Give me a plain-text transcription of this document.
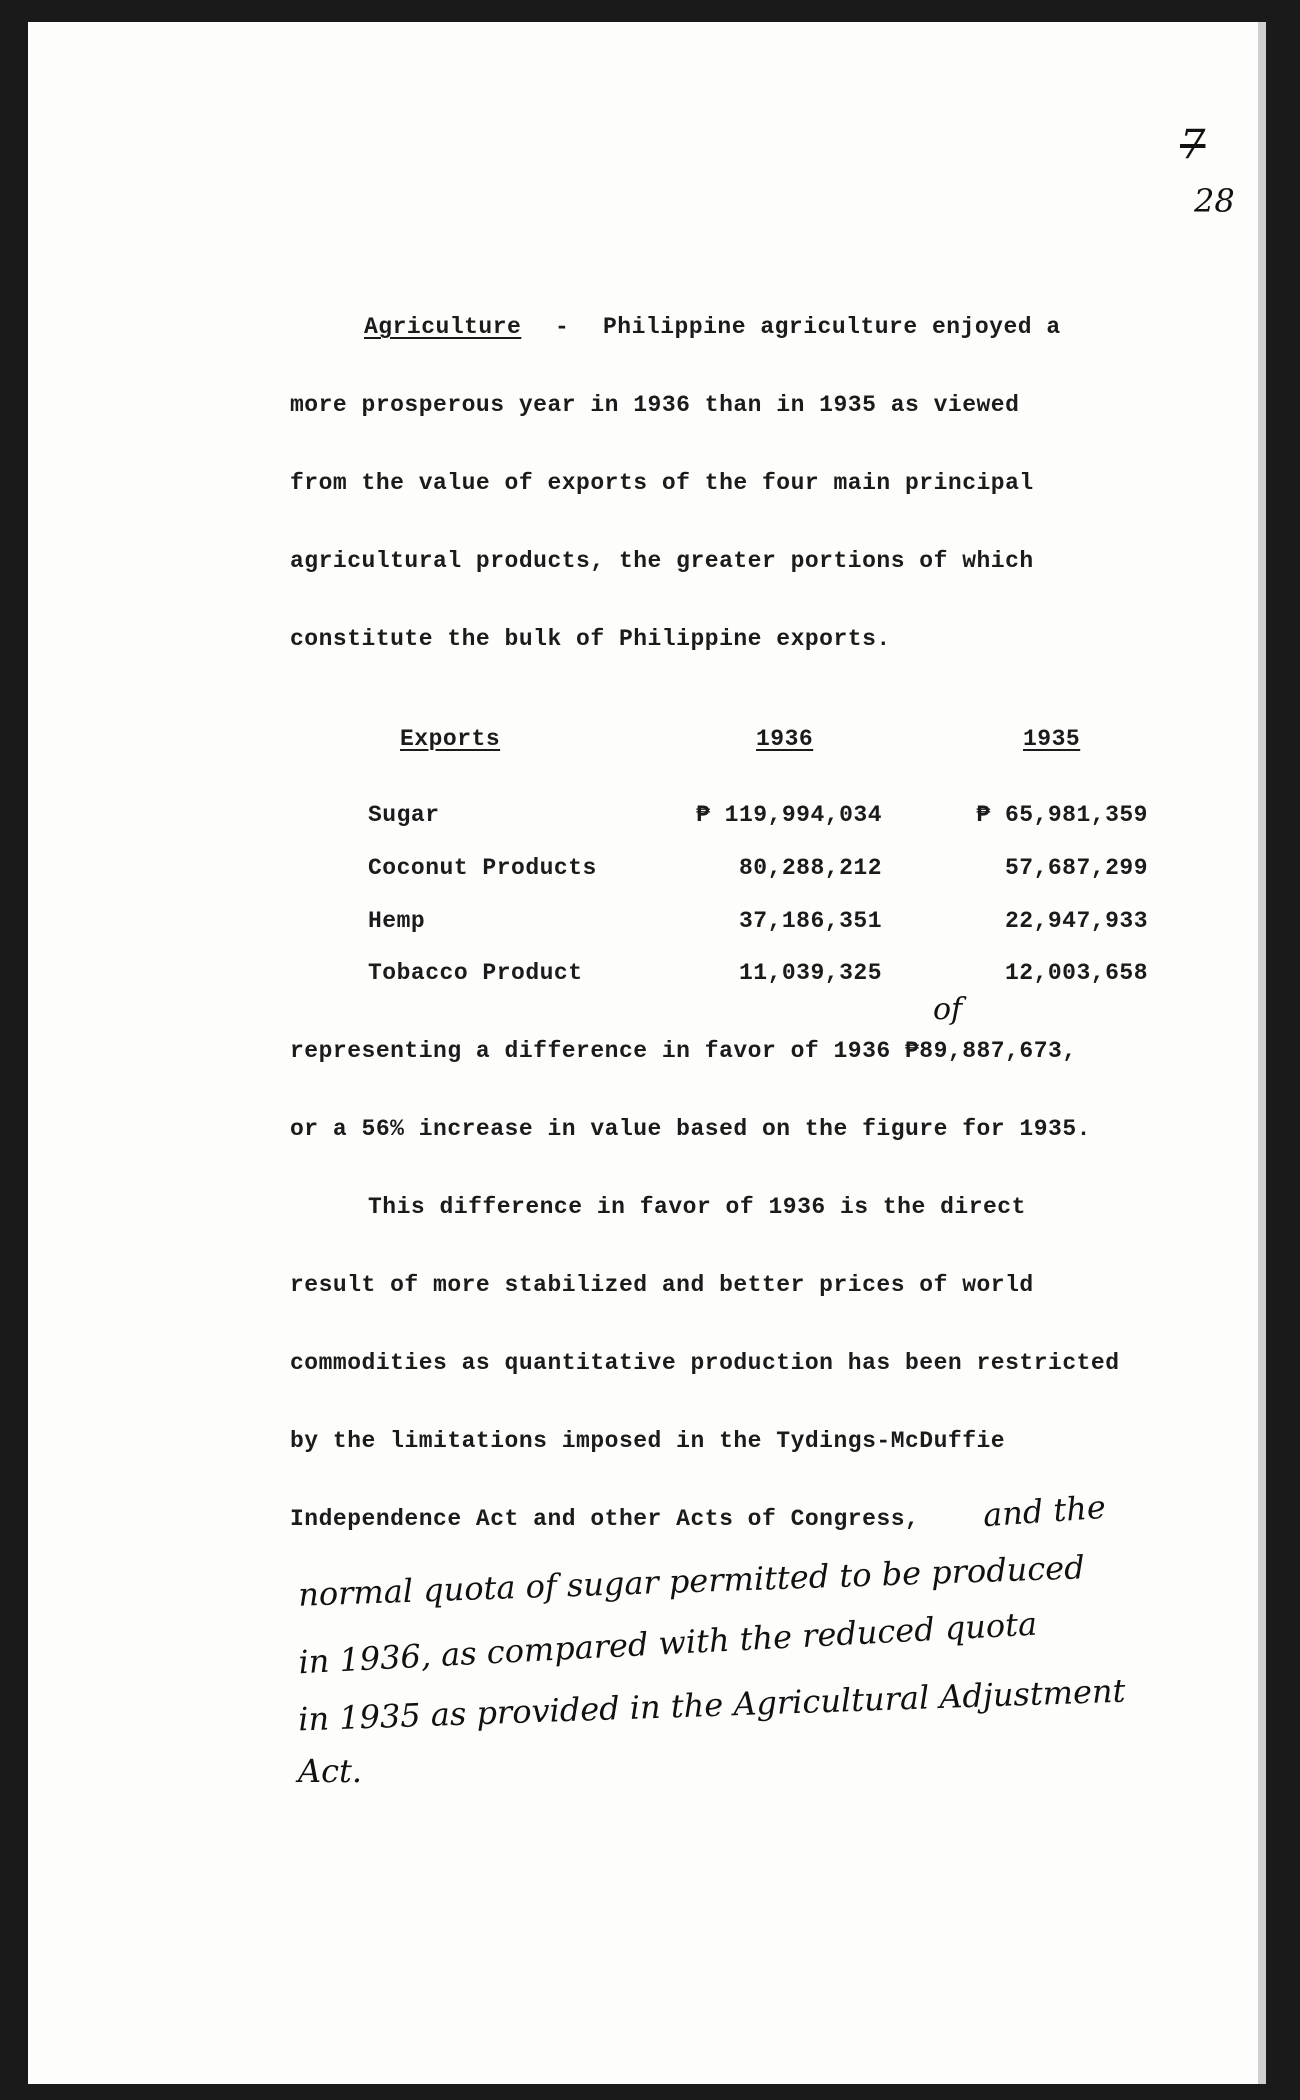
7
28
Agriculture - Philippine agriculture enjoyed a
more prosperous year in 1936 than in 1935 as viewed
from the value of exports of the four main principal
agricultural products, the greater portions of which
constitute the bulk of Philippine exports.
Exports	1936	1935
Sugar	₱ 119,994,034	₱ 65,981,359
Coconut Products	80,288,212	57,687,299
Hemp	37,186,351	22,947,933
Tobacco Product	11,039,325	12,003,658
representing a difference in favor of 1936 ₱89,887,673,
of
or a 56% increase in value based on the figure for 1935.
This difference in favor of 1936 is the direct
result of more stabilized and better prices of world
commodities as quantitative production has been restricted
by the limitations imposed in the Tydings-McDuffie
Independence Act and other Acts of Congress, and the
normal quota of sugar permitted to be produced
in 1936, as compared with the reduced quota
in 1935 as provided in the Agricultural Adjustment
Act.
